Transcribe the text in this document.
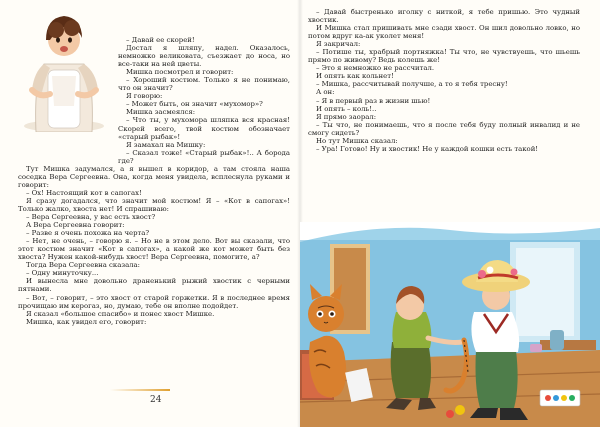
– Давай ее скорей!

Достал я шляпу, надел. Оказалось, немножко великовата, съезжает до носа, но все-таки на ней цветы.

Мишка посмотрел и говорит:

– Хороший костюм. Только я не понимаю, что он значит?

Я говорю:

– Может быть, он значит «мухомор»?

Мишка засмеялся:

– Что ты, у мухомора шляпка вся красная! Скорей всего, твой костюм обозначает «старый рыбак»!

Я замахал на Мишку:

– Сказал тоже! «Старый рыбак»!.. А борода где?

Тут Мишка задумался, а я вышел в коридор, а там стояла наша соседка Вера Сергеевна. Она, когда меня увидела, всплеснула руками и говорит:

– Ох! Настоящий кот в сапогах!

Я сразу догадался, что значит мой костюм! Я – «Кот в сапогах»! Только жалко, хвоста нет! И спрашиваю:

– Вера Сергеевна, у вас есть хвост?

А Вера Сергеевна говорит:

– Разве я очень похожа на черта?

– Нет, не очень, – говорю я. – Но не в этом дело. Вот вы сказали, что этот костюм значит «Кот в сапогах», а какой же кот может быть без хвоста? Нужен какой-нибудь хвост! Вера Сергеевна, помогите, а?

Тогда Вера Сергеевна сказала:

– Одну минуточку...

И вынесла мне довольно драненький рыжий хвостик с черными пятнами.

– Вот, – говорит, – это хвост от старой горжетки. Я в последнее время прочищаю им керогаз, но, думаю, тебе он вполне подойдет.

Я сказал «большое спасибо» и понес хвост Мишке.

Мишка, как увидел его, говорит:

24

– Давай быстренько иголку с ниткой, я тебе пришью. Это чудный хвостик.

И Мишка стал пришивать мне сзади хвост. Он шил довольно ловко, но потом вдруг ка-ак уколет меня!

Я закричал:

– Потише ты, храбрый портняжка! Ты что, не чувствуешь, что шьешь прямо по живому? Ведь колешь же!

– Это я немножко не рассчитал.

И опять как кольнет!

– Мишка, рассчитывай получше, а то я тебя тресну!

А он:

– Я в первый раз в жизни шью!

И опять – коль!..

Я прямо заорал:

– Ты что, не понимаешь, что я после тебя буду полный инвалид и не смогу сидеть?

Но тут Мишка сказал:

– Ура! Готово! Ну и хвостик! Не у каждой кошки есть такой!
